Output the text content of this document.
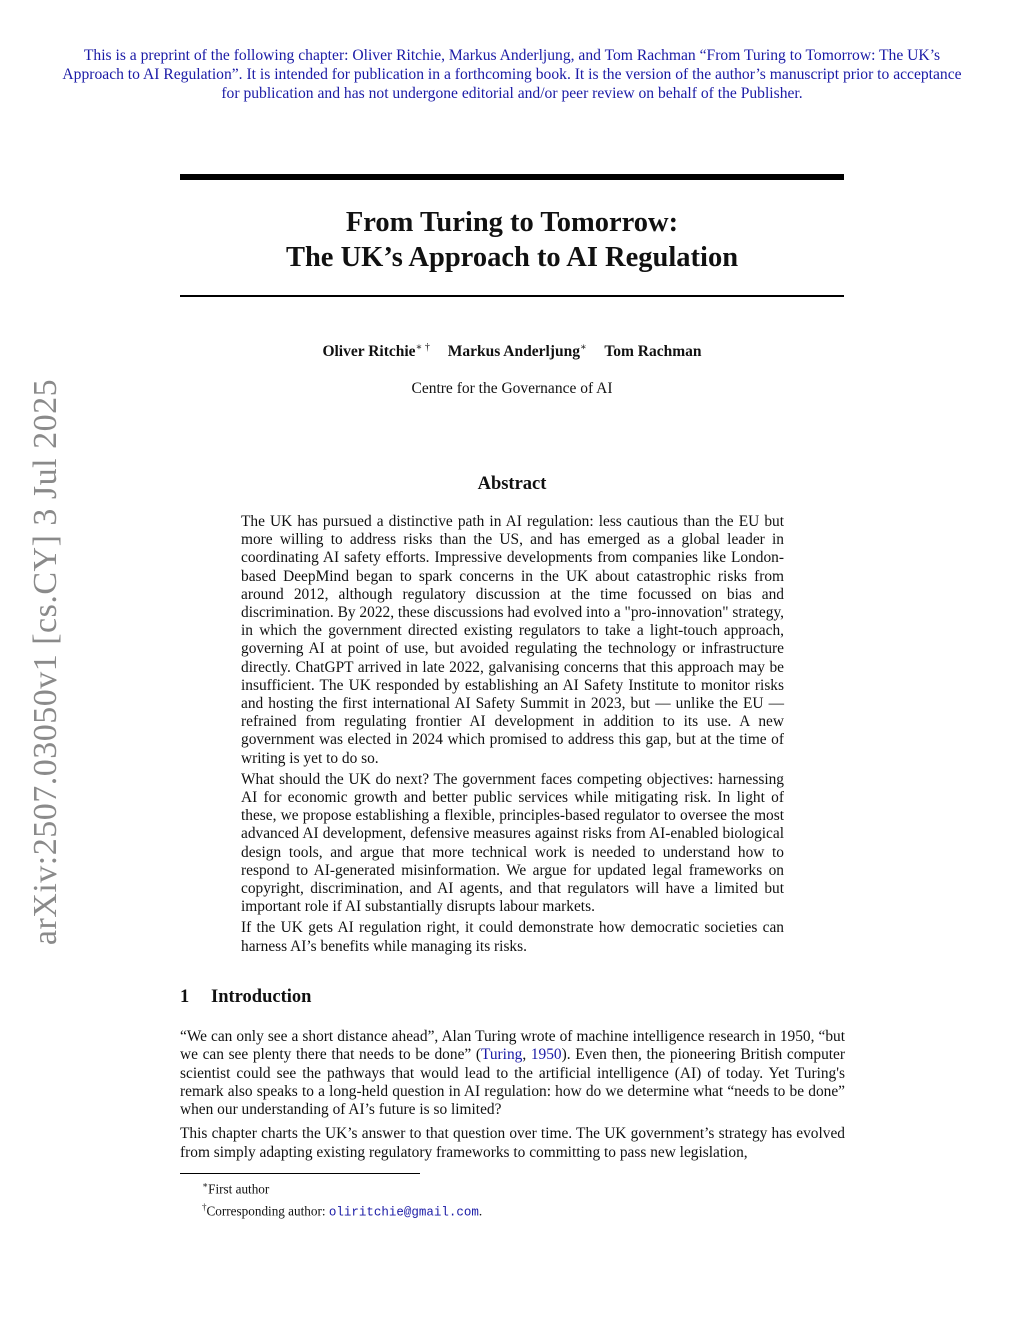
This is a preprint of the following chapter: Oliver Ritchie, Markus Anderljung, and Tom Rachman “From Turing to Tomorrow: The UK’s Approach to AI Regulation”. It is intended for publication in a forthcoming book. It is the version of the author’s manuscript prior to acceptance for publication and has not undergone editorial and/or peer review on behalf of the Publisher.
arXiv:2507.03050v1 [cs.CY] 3 Jul 2025
From Turing to Tomorrow:
The UK’s Approach to AI Regulation
Oliver Ritchie∗ † Markus Anderljung∗ Tom Rachman
Centre for the Governance of AI
Abstract

The UK has pursued a distinctive path in AI regulation: less cautious than the EU but more willing to address risks than the US, and has emerged as a global leader in coordinating AI safety efforts. Impressive developments from companies like London-based DeepMind began to spark concerns in the UK about catastrophic risks from around 2012, although regulatory discussion at the time focussed on bias and discrimination. By 2022, these discussions had evolved into a "pro-innovation" strategy, in which the government directed existing regulators to take a light-touch approach, governing AI at point of use, but avoided regulating the technology or infrastructure directly. ChatGPT arrived in late 2022, galvanising concerns that this approach may be insufficient. The UK responded by establishing an AI Safety Institute to monitor risks and hosting the first international AI Safety Summit in 2023, but — unlike the EU — refrained from regulating frontier AI development in addition to its use. A new government was elected in 2024 which promised to address this gap, but at the time of writing is yet to do so.

What should the UK do next? The government faces competing objectives: harnessing AI for economic growth and better public services while mitigating risk. In light of these, we propose establishing a flexible, principles-based regulator to oversee the most advanced AI development, defensive measures against risks from AI-enabled biological design tools, and argue that more technical work is needed to understand how to respond to AI-generated misinformation. We argue for updated legal frameworks on copyright, discrimination, and AI agents, and that regulators will have a limited but important role if AI substantially disrupts labour markets.

If the UK gets AI regulation right, it could demonstrate how democratic societies can harness AI’s benefits while managing its risks.

1 Introduction

“We can only see a short distance ahead”, Alan Turing wrote of machine intelligence research in 1950, “but we can see plenty there that needs to be done” (Turing, 1950). Even then, the pioneering British computer scientist could see the pathways that would lead to the artificial intelligence (AI) of today. Yet Turing's remark also speaks to a long-held question in AI regulation: how do we determine what “needs to be done” when our understanding of AI’s future is so limited?

This chapter charts the UK’s answer to that question over time. The UK government’s strategy has evolved from simply adapting existing regulatory frameworks to committing to pass new legislation,

∗First author
†Corresponding author: oliritchie@gmail.com.
